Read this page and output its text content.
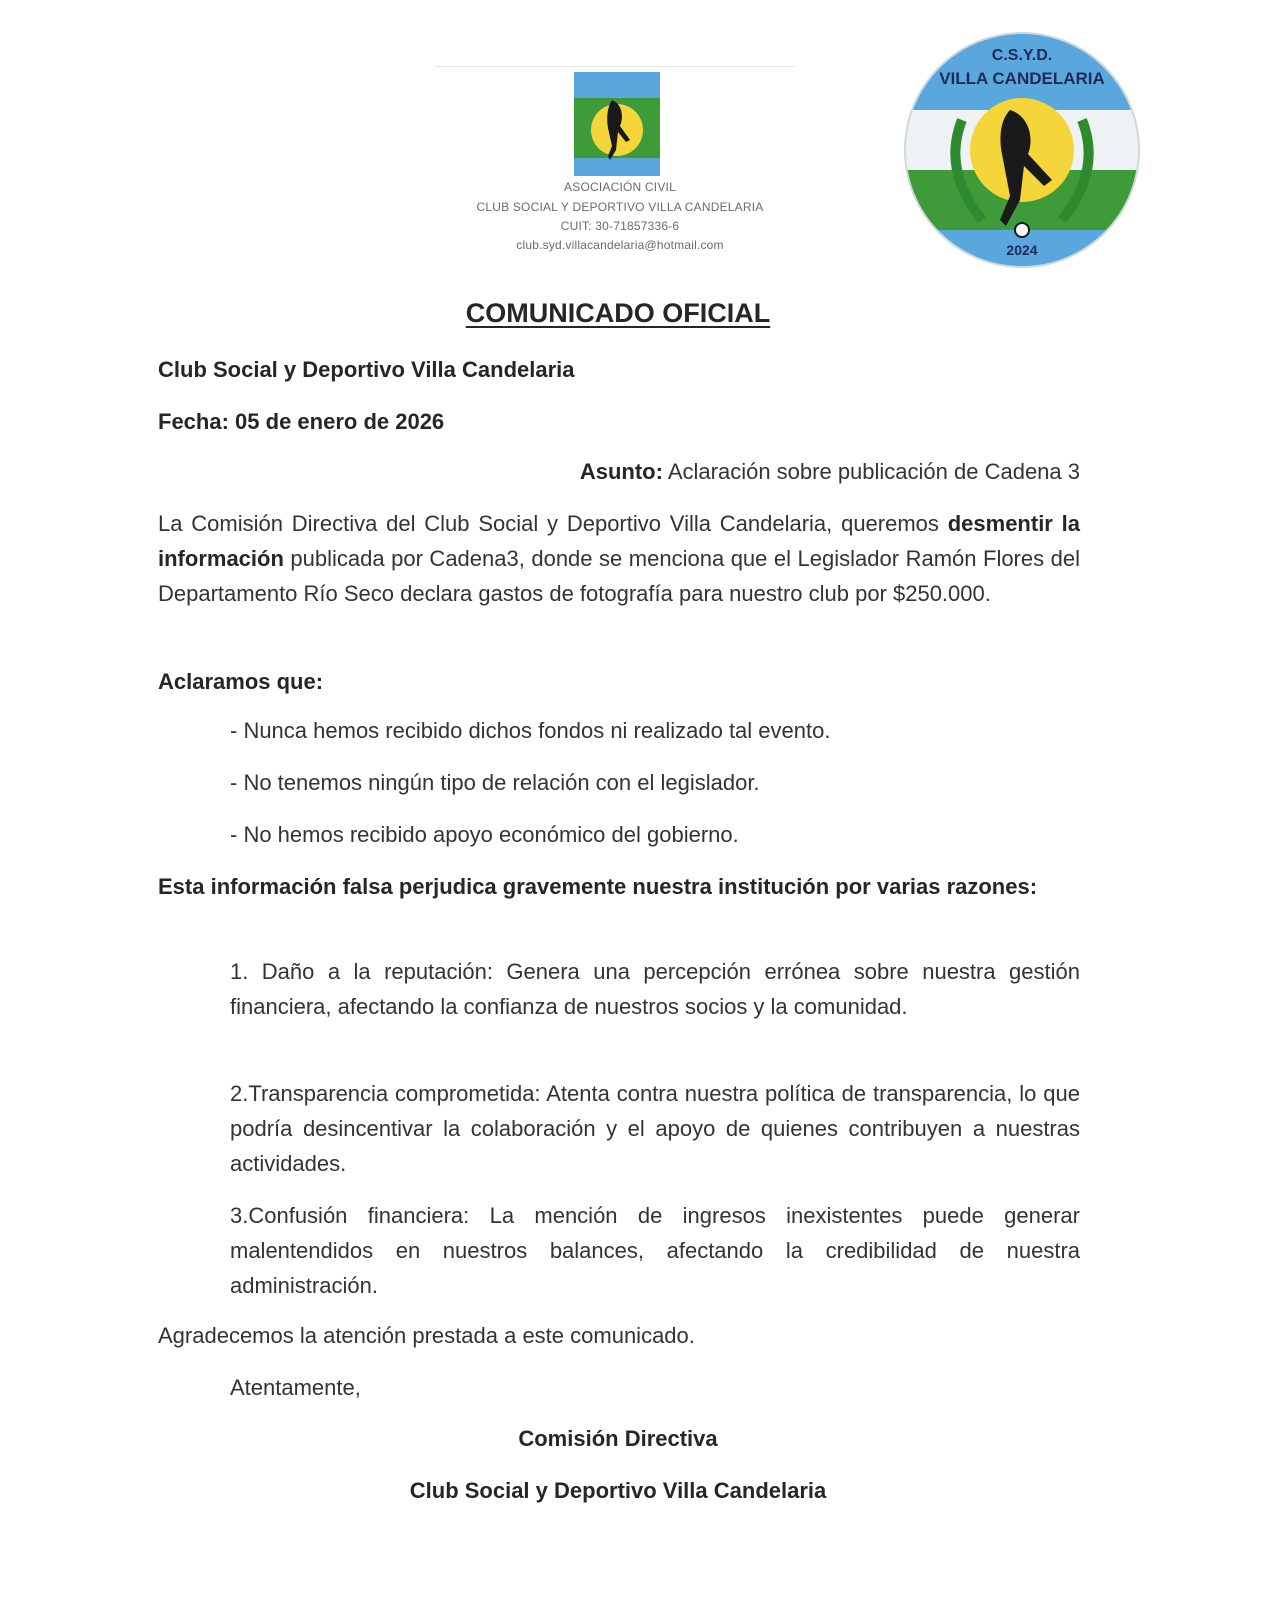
ASOCIACIÓN CIVIL
CLUB SOCIAL Y DEPORTIVO VILLA CANDELARIA
CUIT: 30-71857336-6
club.syd.villacandelaria@hotmail.com
C.S.Y.D.
VILLA CANDELARIA
2024
COMUNICADO OFICIAL
Club Social y Deportivo Villa Candelaria
Fecha: 05 de enero de 2026
Asunto: Aclaración sobre publicación de Cadena 3
La Comisión Directiva del Club Social y Deportivo Villa Candelaria, queremos desmentir la información publicada por Cadena3, donde se menciona que el Legislador Ramón Flores del Departamento Río Seco declara gastos de fotografía para nuestro club por $250.000.
Aclaramos que:
- Nunca hemos recibido dichos fondos ni realizado tal evento.
- No tenemos ningún tipo de relación con el legislador.
- No hemos recibido apoyo económico del gobierno.
Esta información falsa perjudica gravemente nuestra institución por varias razones:
1. Daño a la reputación: Genera una percepción errónea sobre nuestra gestión financiera, afectando la confianza de nuestros socios y la comunidad.
2.Transparencia comprometida: Atenta contra nuestra política de transparencia, lo que podría desincentivar la colaboración y el apoyo de quienes contribuyen a nuestras actividades.
3.Confusión financiera: La mención de ingresos inexistentes puede generar malentendidos en nuestros balances, afectando la credibilidad de nuestra administración.
Agradecemos la atención prestada a este comunicado.
Atentamente,
Comisión Directiva
Club Social y Deportivo Villa Candelaria
